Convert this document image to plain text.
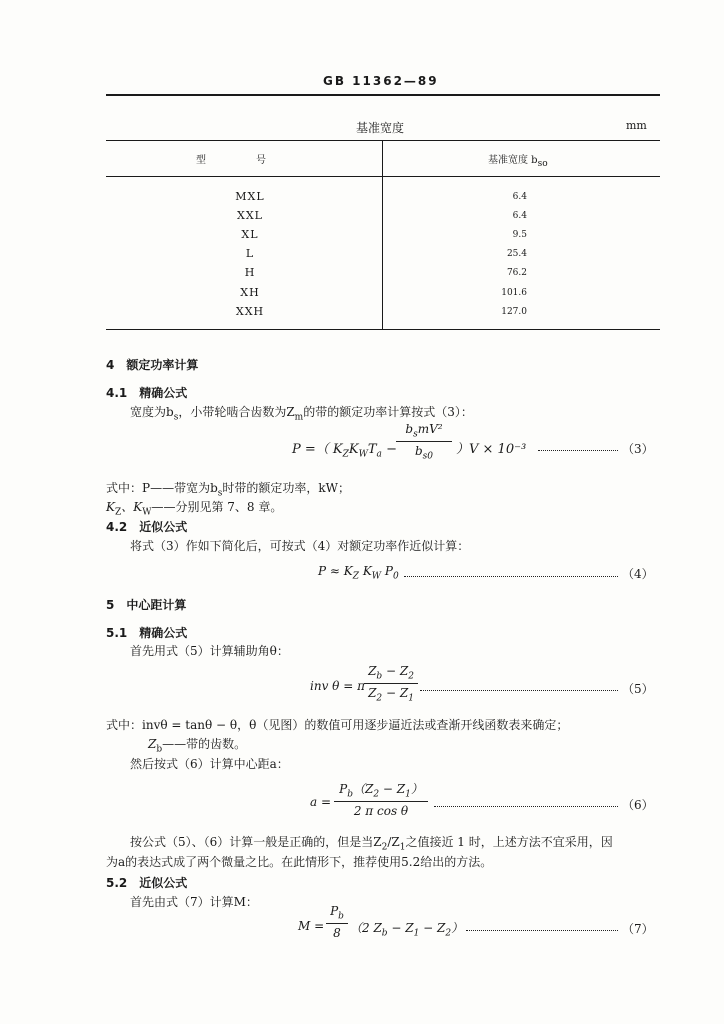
GB 11362—89
基准宽度	mm
型　　　　　号	基准宽度 $b_{so}$
MXL	6.4
XXL	6.4
XL	9.5
L	25.4
H	76.2
XH	101.6
XXH	127.0
4　额定功率计算
4.1　精确公式
宽度为$b_s$，小带轮啮合齿数为$Z_m$的带的额定功率计算按式（3）：
P =（ $K_ZK_WT_a$ −
$b_smV^2$
$b_{s0}$	）V × 10⁻³	（3）
式中：P——带宽为$b_s$时带的额定功率，kW；
$K_Z$、$K_W——$分别见第 7、8 章。
4.2　近似公式
将式（3）作如下简化后，可按式（4）对额定功率作近似计算：
$P \approx K_Z$ $K_W$ $P_0$	（4）
5　中心距计算
5.1　精确公式
首先用式（5）计算辅助角θ：
inv θ = π
$Z_b - Z_2$
$Z_2 - Z_1$
（5）
式中：invθ = tanθ − θ，θ（见图）的数值可用逐步逼近法或查渐开线函数表来确定；
$Z_b——$带的齿数。
然后按式（6）计算中心距a：
a =
$P_b(Z_2 - Z_1)$
2 π cos θ	（6）
按公式（5）、（6）计算一般是正确的，但是当$Z_2/Z_1$之值接近 1 时，上述方法不宜采用，因
为a的表达式成了两个微量之比。在此情形下，推荐使用5.2给出的方法。
5.2　近似公式
首先由式（7）计算M：
M =
$P_b$
8 （2 $Z_b - Z_1 - Z_2$）	（7）
